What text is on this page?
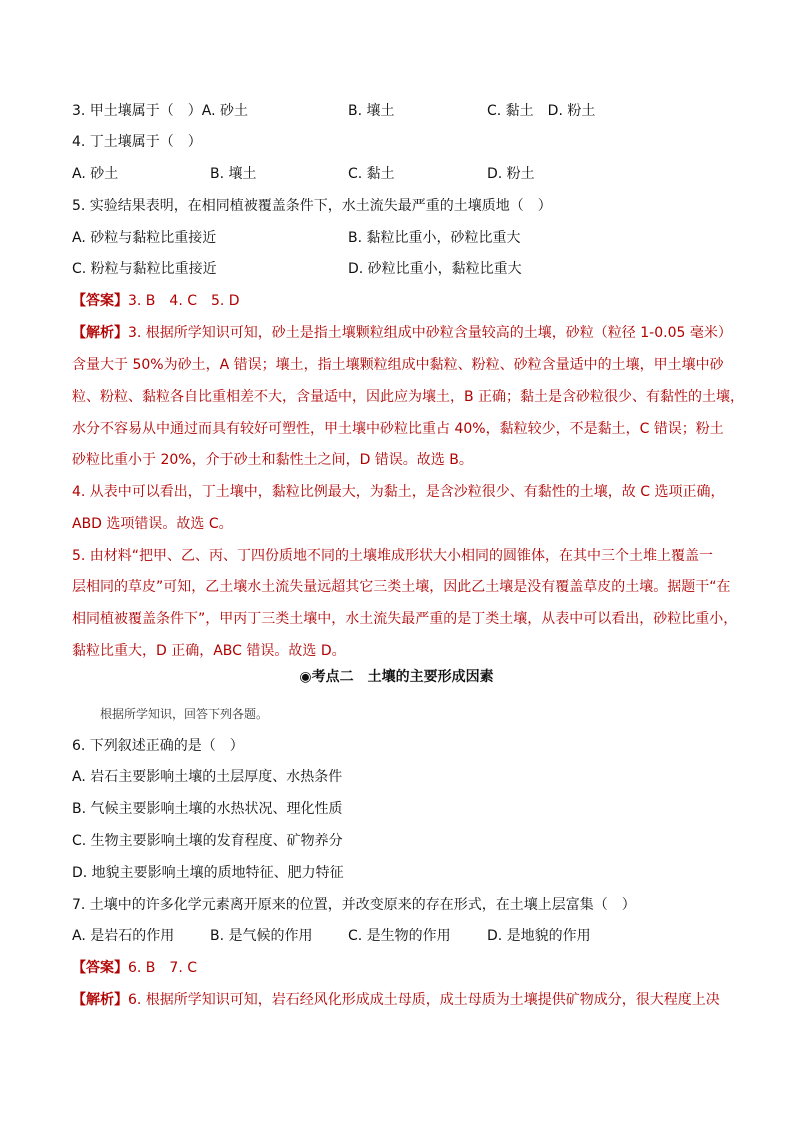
3. 甲土壤属于（　）A. 砂土	B. 壤土	C. 黏土　D. 粉土
4. 丁土壤属于（　）
A. 砂土	B. 壤土	C. 黏土	D. 粉土
5. 实验结果表明，在相同植被覆盖条件下，水土流失最严重的土壤质地（　）
A. 砂粒与黏粒比重接近	B. 黏粒比重小，砂粒比重大
C. 粉粒与黏粒比重接近	D. 砂粒比重小，黏粒比重大
【答案】3. B　4. C　5. D
【解析】3. 根据所学知识可知，砂土是指土壤颗粒组成中砂粒含量较高的土壤，砂粒（粒径 1-0.05 毫米）
含量大于 50%为砂土，A 错误；壤土，指土壤颗粒组成中黏粒、粉粒、砂粒含量适中的土壤，甲土壤中砂
粒、粉粒、黏粒各自比重相差不大，含量适中，因此应为壤土，B 正确；黏土是含砂粒很少、有黏性的土壤，
水分不容易从中通过而具有较好可塑性，甲土壤中砂粒比重占 40%，黏粒较少，不是黏土，C 错误；粉土
砂粒比重小于 20%，介于砂土和黏性土之间，D 错误。故选 B。
4. 从表中可以看出，丁土壤中，黏粒比例最大，为黏土，是含沙粒很少、有黏性的土壤，故 C 选项正确，
ABD 选项错误。故选 C。
5. 由材料“把甲、乙、丙、丁四份质地不同的土壤堆成形状大小相同的圆锥体，在其中三个土堆上覆盖一
层相同的草皮”可知，乙土壤水土流失量远超其它三类土壤，因此乙土壤是没有覆盖草皮的土壤。据题干“在
相同植被覆盖条件下”，甲丙丁三类土壤中，水土流失最严重的是丁类土壤，从表中可以看出，砂粒比重小，
黏粒比重大，D 正确，ABC 错误。故选 D。
◉考点二　土壤的主要形成因素
根据所学知识，回答下列各题。
6. 下列叙述正确的是（　）
A. 岩石主要影响土壤的土层厚度、水热条件
B. 气候主要影响土壤的水热状况、理化性质
C. 生物主要影响土壤的发育程度、矿物养分
D. 地貌主要影响土壤的质地特征、肥力特征
7. 土壤中的许多化学元素离开原来的位置，并改变原来的存在形式，在土壤上层富集（　）
A. 是岩石的作用	B. 是气候的作用	C. 是生物的作用	D. 是地貌的作用
【答案】6. B　7. C
【解析】6. 根据所学知识可知，岩石经风化形成成土母质，成土母质为土壤提供矿物成分，很大程度上决
